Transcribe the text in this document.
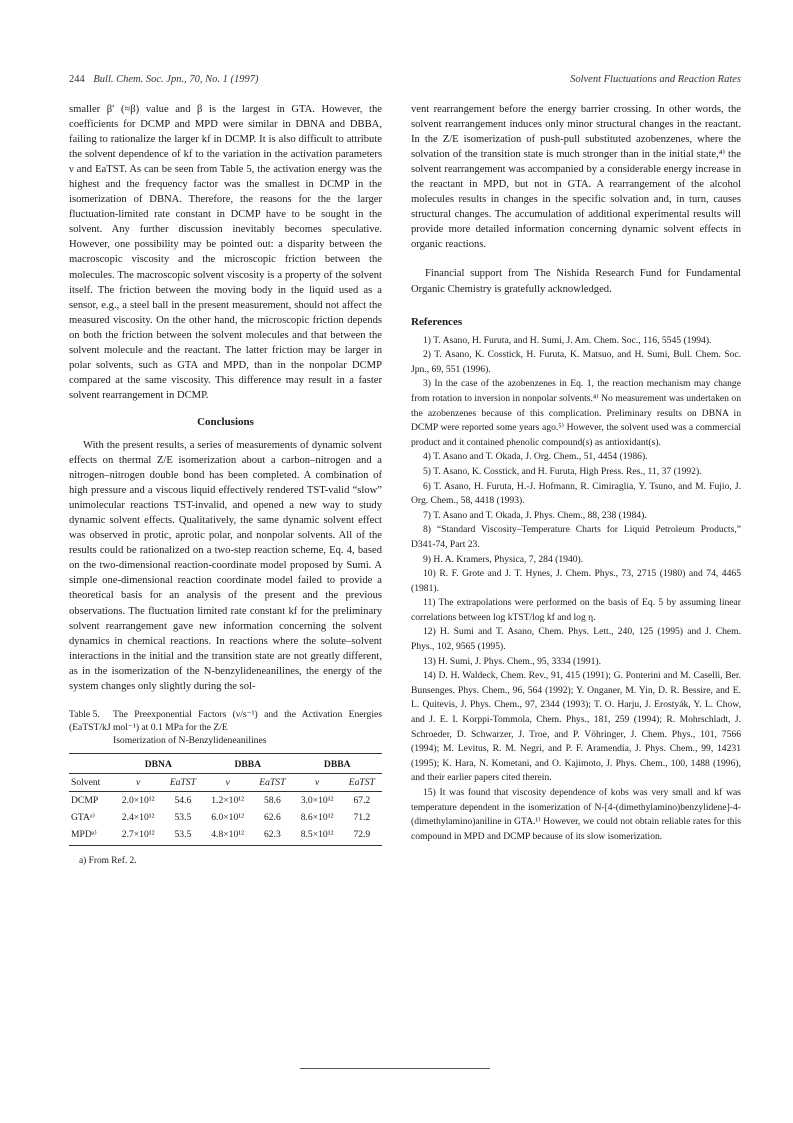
244 Bull. Chem. Soc. Jpn., 70, No. 1 (1997)	Solvent Fluctuations and Reaction Rates

smaller β′ (≈β) value and β is the largest in GTA. However, the coefficients for DCMP and MPD were similar in DBNA and DBBA, failing to rationalize the larger kf in DCMP. It is also difficult to attribute the solvent dependence of kf to the variation in the activation parameters ν and EaTST. As can be seen from Table 5, the activation energy was the highest and the frequency factor was the smallest in DCMP in the isomerization of DBNA. Therefore, the reasons for the the larger fluctuation-limited rate constant in DCMP have to be sought in the solvent. Any further discussion inevitably becomes speculative. However, one possibility may be pointed out: a disparity between the macroscopic viscosity and the microscopic friction between the molecules. The macroscopic solvent viscosity is a property of the solvent itself. The friction between the moving body in the liquid used as a sensor, e.g., a steel ball in the present measurement, should not affect the measured viscosity. On the other hand, the microscopic friction depends on both the friction between the solvent molecules and that between the solvent molecule and the reactant. The latter friction may be larger in polar solvents, such as GTA and MPD, than in the nonpolar DCMP compared at the same viscosity. This difference may result in a faster solvent rearrangement in DCMP.

Conclusions

With the present results, a series of measurements of dynamic solvent effects on thermal Z/E isomerization about a carbon–nitrogen and a nitrogen–nitrogen double bond has been completed. A combination of high pressure and a viscous liquid effectively rendered TST-valid “slow” unimolecular reactions TST-invalid, and opened a new way to study dynamic solvent effects. Qualitatively, the same dynamic solvent effect was observed in protic, aprotic polar, and nonpolar solvents. All of the results could be rationalized on a two-step reaction scheme, Eq. 4, based on the two-dimensional reaction-coordinate model proposed by Sumi. A simple one-dimensional reaction coordinate model failed to provide a theoretical basis for an analysis of the present and the previous observations. The fluctuation limited rate constant kf for the preliminary solvent rearrangement gave new information concerning the solvent dynamics in chemical reactions. In reactions where the solute–solvent interactions in the initial and the transition state are not greatly different, as in the isomerization of the N-benzylideneanilines, the energy of the system changes only slightly during the sol-

Table 5. The Preexponential Factors (ν/s⁻¹) and the Activation Energies (EaTST/kJ mol⁻¹) at 0.1 MPa for the Z/E
Isomerization of N-Benzylideneanilines
	DBNA		DBBA		DBBA	
Solvent	ν	EaTST	ν	EaTST	ν	EaTST
DCMP	2.0×10¹²	54.6	1.2×10¹²	58.6	3.0×10¹²	67.2
GTAᵃ⁾	2.4×10¹²	53.5	6.0×10¹²	62.6	8.6×10¹²	71.2
MPDᵃ⁾	2.7×10¹²	53.5	4.8×10¹²	62.3	8.5×10¹²	72.9
a) From Ref. 2.

vent rearrangement before the energy barrier crossing. In other words, the solvent rearrangement induces only minor structural changes in the reactant. In the Z/E isomerization of push-pull substituted azobenzenes, where the solvation of the transition state is much stronger than in the initial state,⁴⁾ the solvent rearrangement was accompanied by a considerable energy increase in the reactant in MPD, but not in GTA. A rearrangement of the alcohol molecules results in changes in the specific solvation and, in turn, causes structural changes. The accumulation of additional experimental results will provide more detailed information concerning dynamic solvent effects in organic reactions.

Financial support from The Nishida Research Fund for Fundamental Organic Chemistry is gratefully acknowledged.

References

1) T. Asano, H. Furuta, and H. Sumi, J. Am. Chem. Soc., 116, 5545 (1994).

2) T. Asano, K. Cosstick, H. Furuta, K. Matsuo, and H. Sumi, Bull. Chem. Soc. Jpn., 69, 551 (1996).

3) In the case of the azobenzenes in Eq. 1, the reaction mechanism may change from rotation to inversion in nonpolar solvents.⁴⁾ No measurement was undertaken on the azobenzenes because of this complication. Preliminary results on DBNA in DCMP were reported some years ago.⁵⁾ However, the solvent used was a commercial product and it contained phenolic compound(s) as antioxidant(s).

4) T. Asano and T. Okada, J. Org. Chem., 51, 4454 (1986).

5) T. Asano, K. Cosstick, and H. Furuta, High Press. Res., 11, 37 (1992).

6) T. Asano, H. Furuta, H.-J. Hofmann, R. Cimiraglia, Y. Tsuno, and M. Fujio, J. Org. Chem., 58, 4418 (1993).

7) T. Asano and T. Okada, J. Phys. Chem., 88, 238 (1984).

8) “Standard Viscosity–Temperature Charts for Liquid Petroleum Products,” D341-74, Part 23.

9) H. A. Kramers, Physica, 7, 284 (1940).

10) R. F. Grote and J. T. Hynes, J. Chem. Phys., 73, 2715 (1980) and 74, 4465 (1981).

11) The extrapolations were performed on the basis of Eq. 5 by assuming linear correlations between log kTST/log kf and log η.

12) H. Sumi and T. Asano, Chem. Phys. Lett., 240, 125 (1995) and J. Chem. Phys., 102, 9565 (1995).

13) H. Sumi, J. Phys. Chem., 95, 3334 (1991).

14) D. H. Waldeck, Chem. Rev., 91, 415 (1991); G. Ponterini and M. Caselli, Ber. Bunsenges. Phys. Chem., 96, 564 (1992); Y. Onganer, M. Yin, D. R. Bessire, and E. L. Quitevis, J. Phys. Chem., 97, 2344 (1993); T. O. Harju, J. Erostyák, Y. L. Chow, and J. E. I. Korppi-Tommola, Chem. Phys., 181, 259 (1994); R. Mohrschladt, J. Schroeder, D. Schwarzer, J. Troe, and P. Vöhringer, J. Chem. Phys., 101, 7566 (1994); M. Levitus, R. M. Negri, and P. F. Aramendía, J. Phys. Chem., 99, 14231 (1995); K. Hara, N. Kometani, and O. Kajimoto, J. Phys. Chem., 100, 1488 (1996), and their earlier papers cited therein.

15) It was found that viscosity dependence of kobs was very small and kf was temperature dependent in the isomerization of N-[4-(dimethylamino)benzylidene]-4-(dimethylamino)aniline in GTA.¹⁾ However, we could not obtain reliable rates for this compound in MPD and DCMP because of its slow isomerization.
